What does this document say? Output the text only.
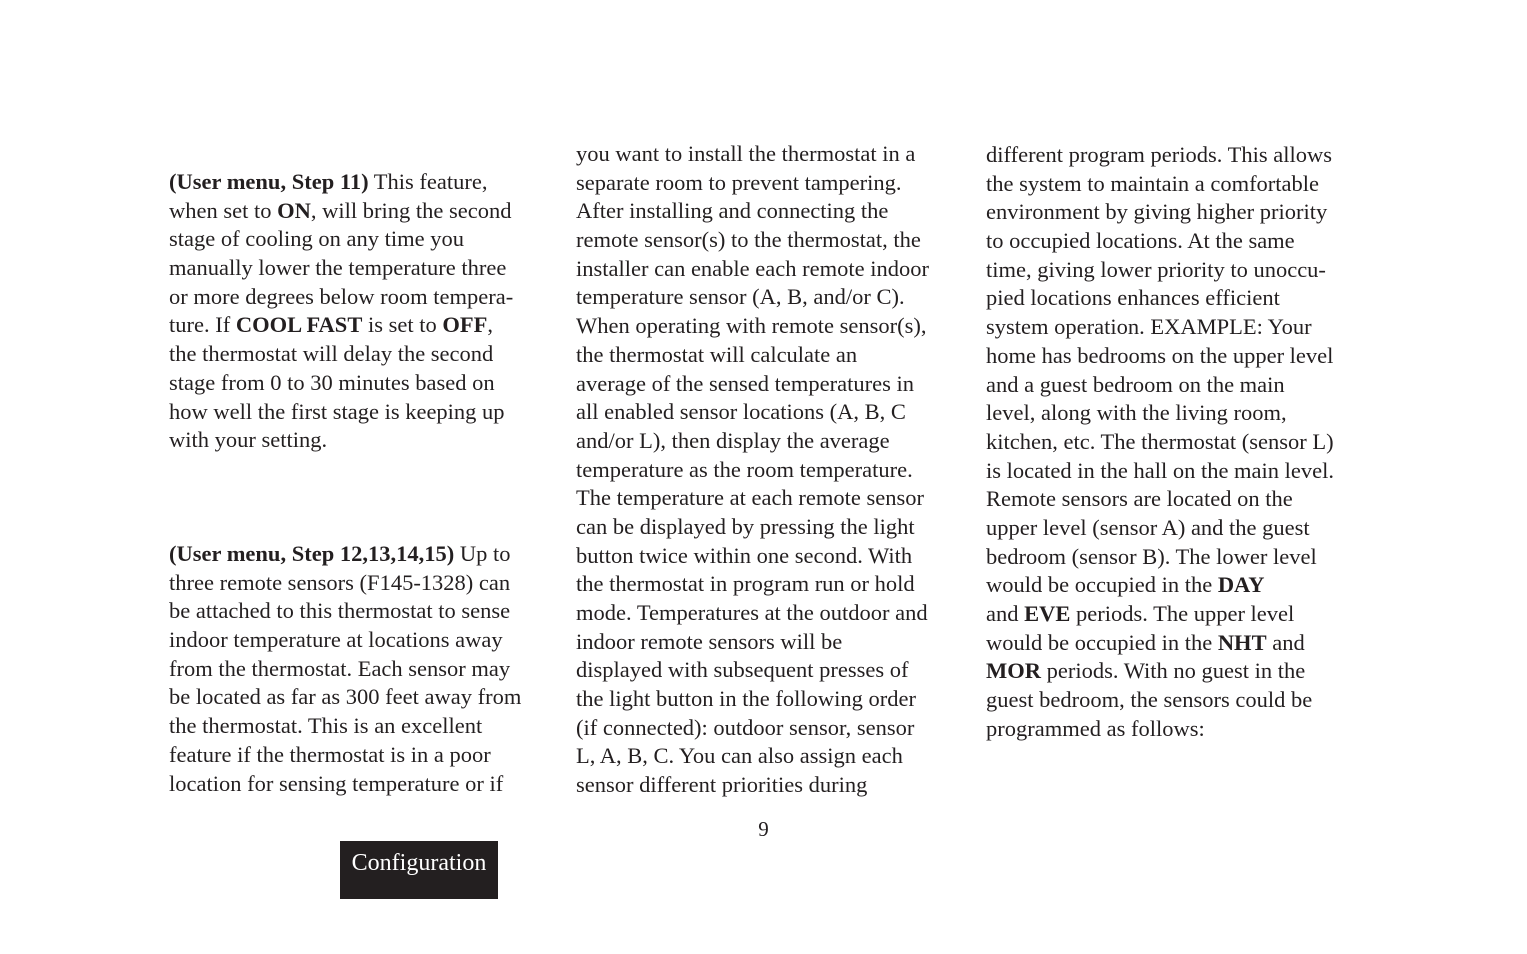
(User menu, Step 11) This feature,
when set to ON, will bring the second
stage of cooling on any time you
manually lower the temperature three
or more degrees below room tempera-
ture. If COOL FAST is set to OFF,
the thermostat will delay the second
stage from 0 to 30 minutes based on
how well the first stage is keeping up
with your setting.
(User menu, Step 12,13,14,15) Up to
three remote sensors (F145-1328) can
be attached to this thermostat to sense
indoor temperature at locations away
from the thermostat. Each sensor may
be located as far as 300 feet away from
the thermostat. This is an excellent
feature if the thermostat is in a poor
location for sensing temperature or if
you want to install the thermostat in a
separate room to prevent tampering.
After installing and connecting the
remote sensor(s) to the thermostat, the
installer can enable each remote indoor
temperature sensor (A, B, and/or C).
When operating with remote sensor(s),
the thermostat will calculate an
average of the sensed temperatures in
all enabled sensor locations (A, B, C
and/or L), then display the average
temperature as the room temperature.
The temperature at each remote sensor
can be displayed by pressing the light
button twice within one second. With
the thermostat in program run or hold
mode. Temperatures at the outdoor and
indoor remote sensors will be
displayed with subsequent presses of
the light button in the following order
(if connected): outdoor sensor, sensor
L, A, B, C. You can also assign each
sensor different priorities during
different program periods. This allows
the system to maintain a comfortable
environment by giving higher priority
to occupied locations. At the same
time, giving lower priority to unoccu-
pied locations enhances efficient
system operation. EXAMPLE: Your
home has bedrooms on the upper level
and a guest bedroom on the main
level, along with the living room,
kitchen, etc. The thermostat (sensor L)
is located in the hall on the main level.
Remote sensors are located on the
upper level (sensor A) and the guest
bedroom (sensor B). The lower level
would be occupied in the DAY
and EVE periods. The upper level
would be occupied in the NHT and
MOR periods. With no guest in the
guest bedroom, the sensors could be
programmed as follows:
9
Configuration
